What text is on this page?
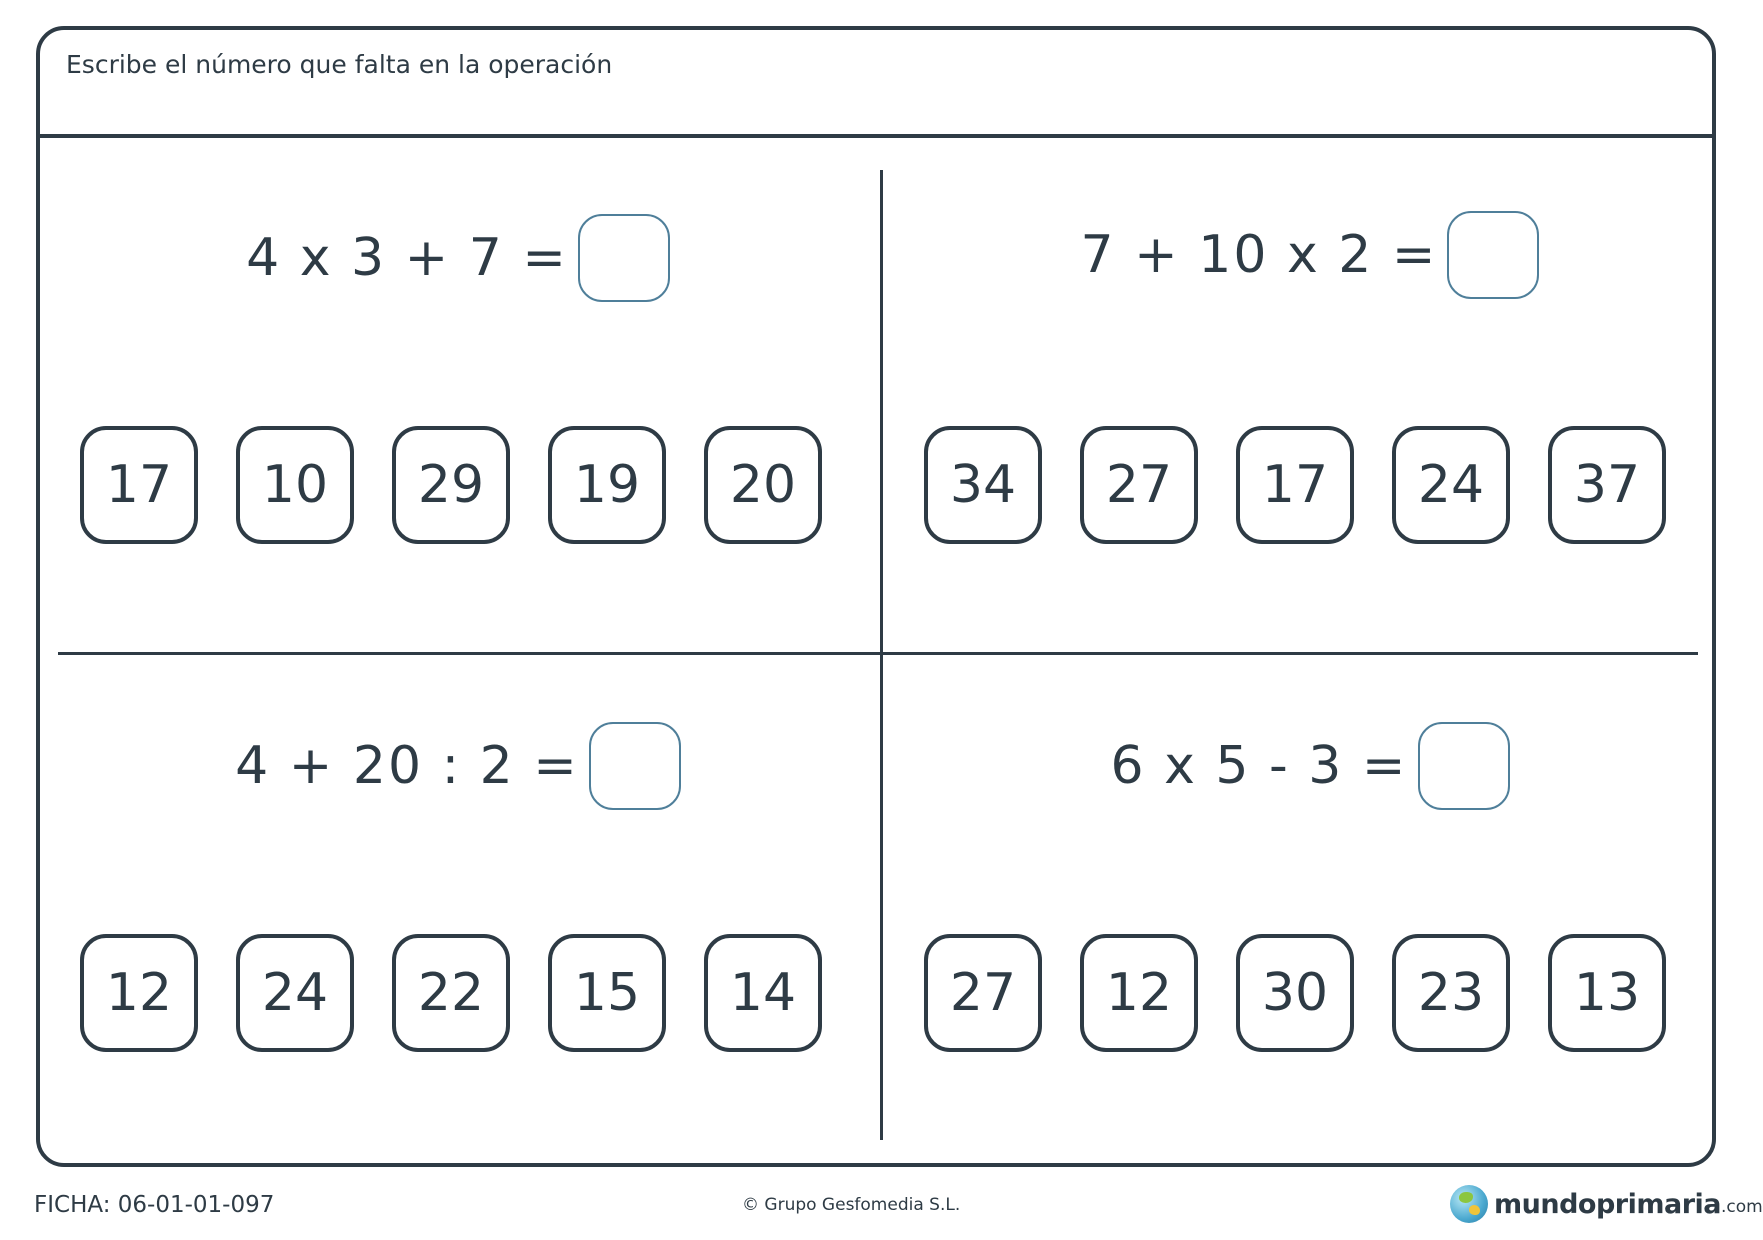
Escribe el número que falta en la operación
4 x 3 + 7 =
17	10	29	19	20
7 + 10 x 2 =
34	27	17	24	37
4 + 20 : 2 =
12	24	22	15	14
6 x 5 - 3 =
27	12	30	23	13
FICHA: 06-01-01-097	© Grupo Gesfomedia S.L.	mundoprimaria .com
